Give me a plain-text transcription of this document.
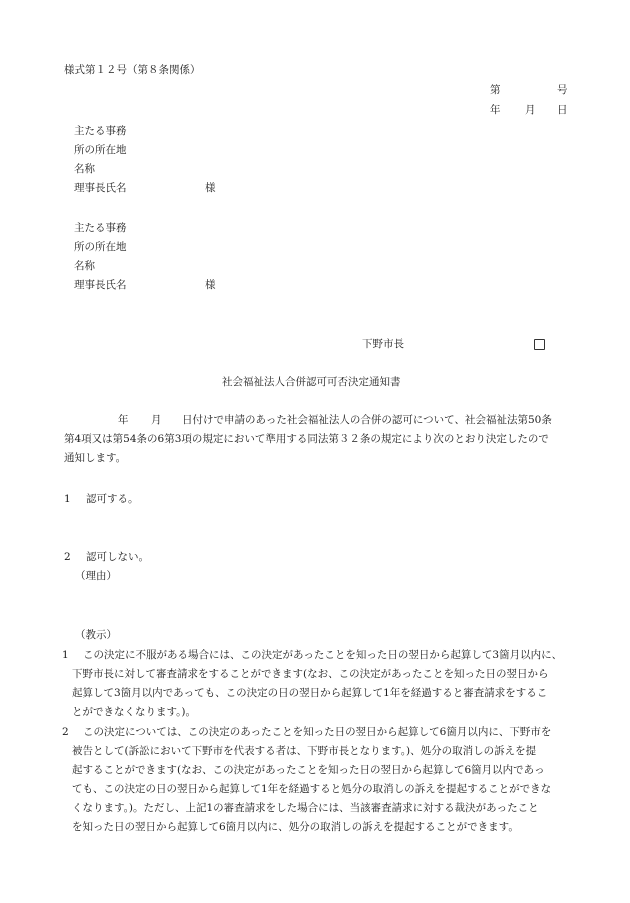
様式第１２号（第８条関係）
第	号
年 月 日
主たる事務
所の所在地
名称
理事長氏名	様
主たる事務
所の所在地
名称
理事長氏名	様
下野市長
社会福祉法人合併認可可否決定通知書
年 月 日付けで申請のあった社会福祉法人の合併の認可について、社会福祉法第50条
第4項又は第54条の6第3項の規定において準用する同法第３２条の規定により次のとおり決定したので
通知します。
1 認可する。
2 認可しない。
（理由）
（教示）
1 この決定に不服がある場合には、この決定があったことを知った日の翌日から起算して3箇月以内に、
下野市長に対して審査請求をすることができます(なお、この決定があったことを知った日の翌日から
起算して3箇月以内であっても、この決定の日の翌日から起算して1年を経過すると審査請求をするこ
とができなくなります。)。
2 この決定については、この決定のあったことを知った日の翌日から起算して6箇月以内に、下野市を
被告として(訴訟において下野市を代表する者は、下野市長となります。)、処分の取消しの訴えを提
起することができます(なお、この決定があったことを知った日の翌日から起算して6箇月以内であっ
ても、この決定の日の翌日から起算して1年を経過すると処分の取消しの訴えを提起することができな
くなります。)。ただし、上記1の審査請求をした場合には、当該審査請求に対する裁決があったこと
を知った日の翌日から起算して6箇月以内に、処分の取消しの訴えを提起することができます。
